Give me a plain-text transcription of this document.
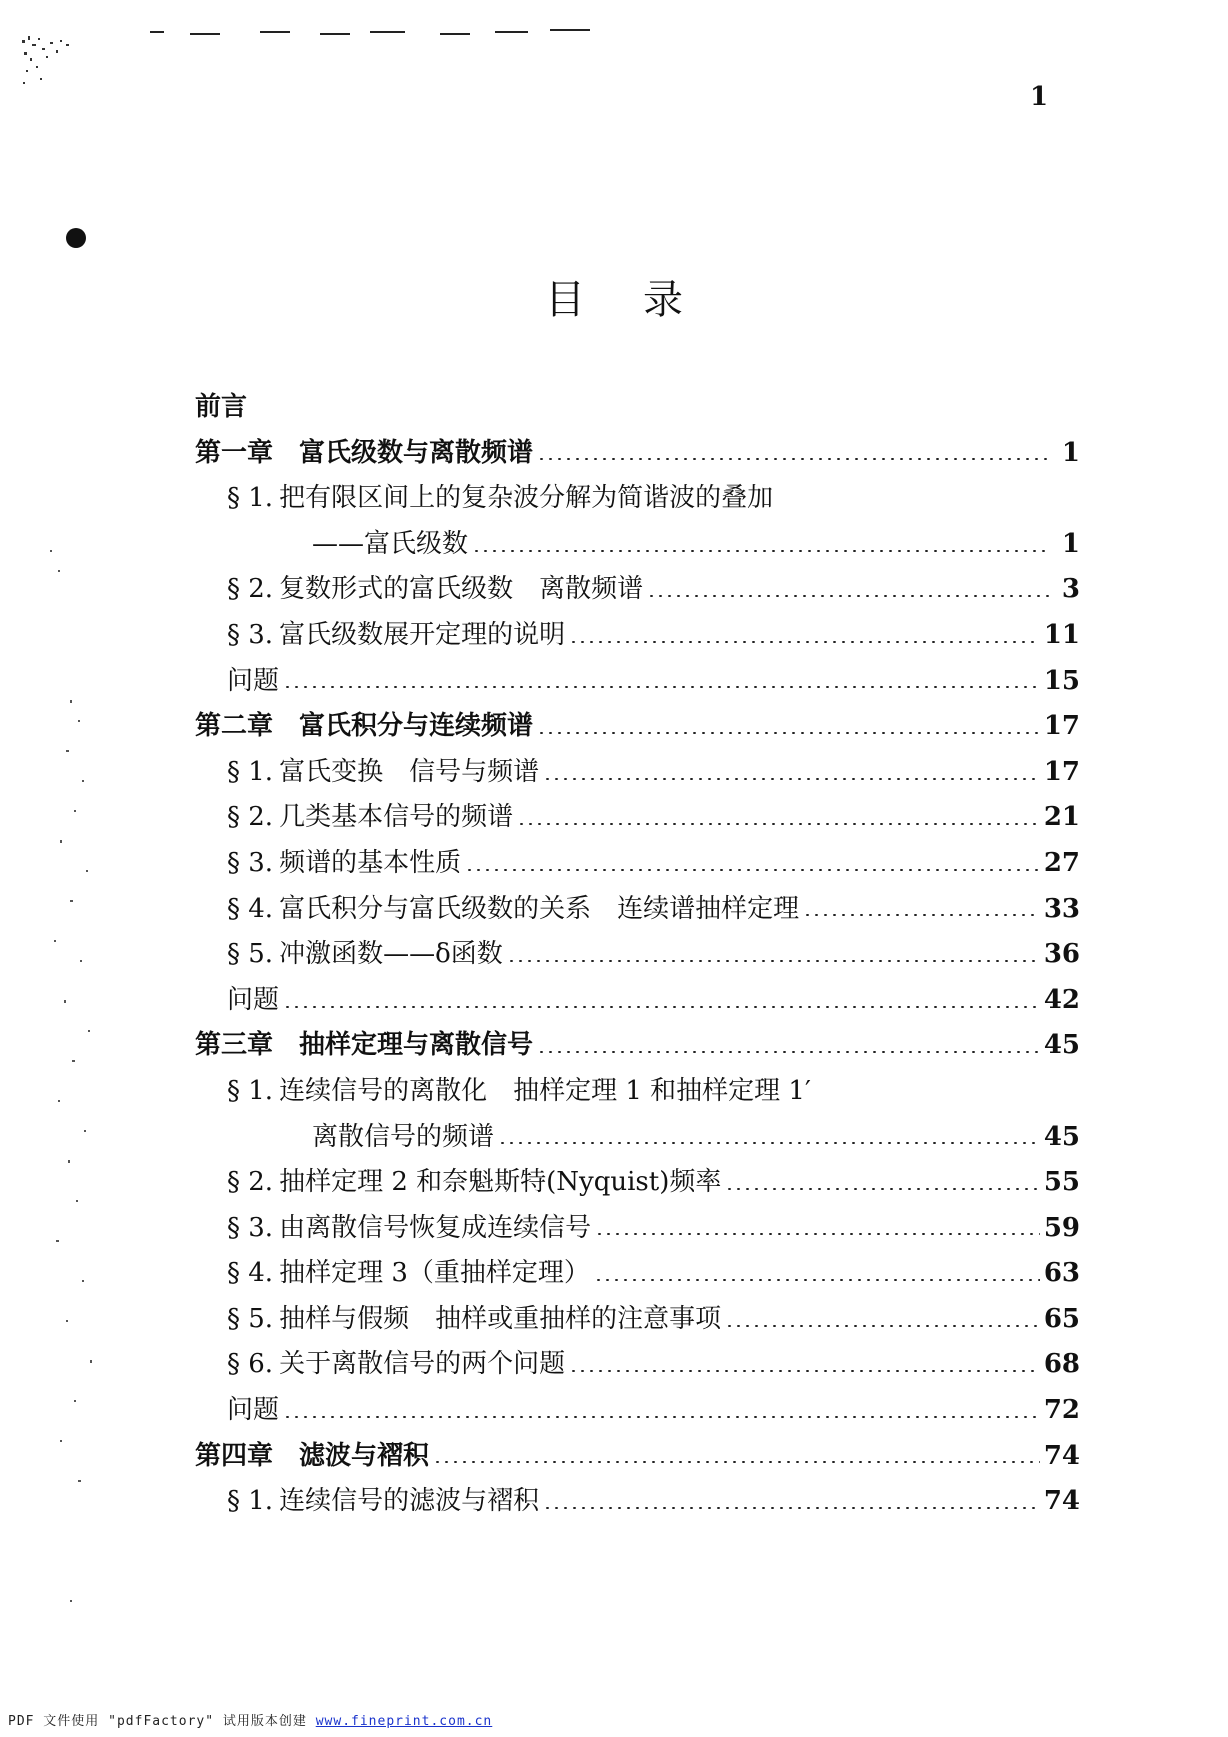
1
目录
前言
第一章　富氏级数与离散频谱	1
§ 1. 把有限区间上的复杂波分解为简谐波的叠加
——富氏级数	1
§ 2. 复数形式的富氏级数　离散频谱	3
§ 3. 富氏级数展开定理的说明	11
问题	15
第二章　富氏积分与连续频谱	17
§ 1. 富氏变换　信号与频谱	17
§ 2. 几类基本信号的频谱	21
§ 3. 频谱的基本性质	27
§ 4. 富氏积分与富氏级数的关系　连续谱抽样定理	33
§ 5. 冲激函数——δ函数	36
问题	42
第三章　抽样定理与离散信号	45
§ 1. 连续信号的离散化　抽样定理 1 和抽样定理 1′
离散信号的频谱	45
§ 2. 抽样定理 2 和奈魁斯特(Nyquist)频率	55
§ 3. 由离散信号恢复成连续信号	59
§ 4. 抽样定理 3（重抽样定理）	63
§ 5. 抽样与假频　抽样或重抽样的注意事项	65
§ 6. 关于离散信号的两个问题	68
问题	72
第四章　滤波与褶积	74
§ 1. 连续信号的滤波与褶积	74
PDF 文件使用 "pdfFactory" 试用版本创建 www.fineprint.com.cn
